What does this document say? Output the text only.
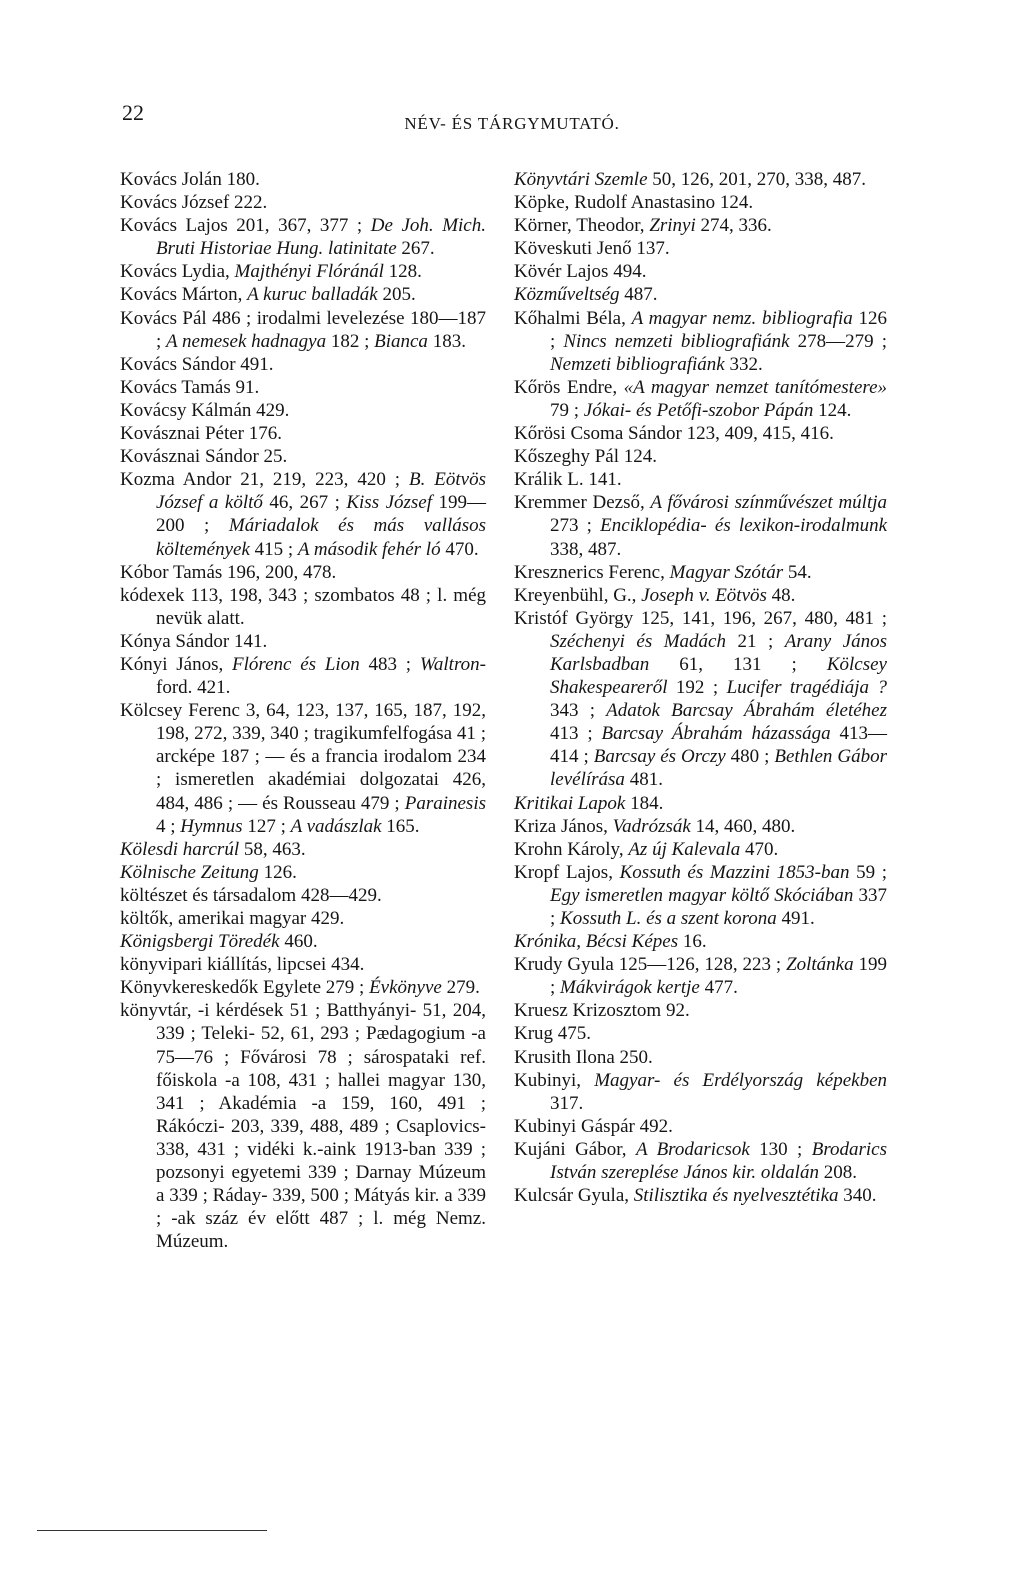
22	NÉV- ÉS TÁRGYMUTATÓ.

Kovács Jolán 180.

Kovács József 222.

Kovács Lajos 201, 367, 377 ; De Joh. Mich. Bruti Historiae Hung. latinitate 267.

Kovács Lydia, Majthényi Flóránál 128.

Kovács Márton, A kuruc balladák 205.

Kovács Pál 486 ; irodalmi levelezése 180—187 ; A nemesek hadnagya 182 ; Bianca 183.

Kovács Sándor 491.

Kovács Tamás 91.

Kovácsy Kálmán 429.

Kovásznai Péter 176.

Kovásznai Sándor 25.

Kozma Andor 21, 219, 223, 420 ; B. Eötvös József a költő 46, 267 ; Kiss József 199—200 ; Máriadalok és más vallásos költemények 415 ; A második fehér ló 470.

Kóbor Tamás 196, 200, 478.

kódexek 113, 198, 343 ; szombatos 48 ; l. még nevük alatt.

Kónya Sándor 141.

Kónyi János, Flórenc és Lion 483 ; Waltron-ford. 421.

Kölcsey Ferenc 3, 64, 123, 137, 165, 187, 192, 198, 272, 339, 340 ; tragikumfelfogása 41 ; arcképe 187 ; — és a francia irodalom 234 ; ismeretlen akadémiai dolgozatai 426, 484, 486 ; — és Rousseau 479 ; Parainesis 4 ; Hymnus 127 ; A vadászlak 165.

Kölesdi harcrúl 58, 463.

Kölnische Zeitung 126.

költészet és társadalom 428—429.

költők, amerikai magyar 429.

Königsbergi Töredék 460.

könyvipari kiállítás, lipcsei 434.

Könyvkereskedők Egylete 279 ; Évkönyve 279.

könyvtár, -i kérdések 51 ; Batthyányi- 51, 204, 339 ; Teleki- 52, 61, 293 ; Pædagogium -a 75—76 ; Fővárosi 78 ; sárospataki ref. főiskola -a 108, 431 ; hallei magyar 130, 341 ; Akadémia -a 159, 160, 491 ; Rákóczi- 203, 339, 488, 489 ; Csaplovics- 338, 431 ; vidéki k.-aink 1913-ban 339 ; pozsonyi egyetemi 339 ; Darnay Múzeum a 339 ; Ráday- 339, 500 ; Mátyás kir. a 339 ; -ak száz év előtt 487 ; l. még Nemz. Múzeum.

Könyvtári Szemle 50, 126, 201, 270, 338, 487.

Köpke, Rudolf Anastasino 124.

Körner, Theodor, Zrinyi 274, 336.

Köveskuti Jenő 137.

Kövér Lajos 494.

Közműveltség 487.

Kőhalmi Béla, A magyar nemz. bibliografia 126 ; Nincs nemzeti bibliografiánk 278—279 ; Nemzeti bibliografiánk 332.

Kőrös Endre, «A magyar nemzet tanítómestere» 79 ; Jókai- és Petőfi-szobor Pápán 124.

Kőrösi Csoma Sándor 123, 409, 415, 416.

Kőszeghy Pál 124.

Králik L. 141.

Kremmer Dezső, A fővárosi színművészet múltja 273 ; Enciklopédia- és lexikon-irodalmunk 338, 487.

Kresznerics Ferenc, Magyar Szótár 54.

Kreyenbühl, G., Joseph v. Eötvös 48.

Kristóf György 125, 141, 196, 267, 480, 481 ; Széchenyi és Madách 21 ; Arany János Karlsbadban 61, 131 ; Kölcsey Shakespeareről 192 ; Lucifer tragédiája ? 343 ; Adatok Barcsay Ábrahám életéhez 413 ; Barcsay Ábrahám házassága 413—414 ; Barcsay és Orczy 480 ; Bethlen Gábor levélírása 481.

Kritikai Lapok 184.

Kriza János, Vadrózsák 14, 460, 480.

Krohn Károly, Az új Kalevala 470.

Kropf Lajos, Kossuth és Mazzini 1853-ban 59 ; Egy ismeretlen magyar költő Skóciában 337 ; Kossuth L. és a szent korona 491.

Krónika, Bécsi Képes 16.

Krudy Gyula 125—126, 128, 223 ; Zoltánka 199 ; Mákvirágok kertje 477.

Kruesz Krizosztom 92.

Krug 475.

Krusith Ilona 250.

Kubinyi, Magyar- és Erdélyország képekben 317.

Kubinyi Gáspár 492.

Kujáni Gábor, A Brodaricsok 130 ; Brodarics István szereplése János kir. oldalán 208.

Kulcsár Gyula, Stilisztika és nyelvesztétika 340.
